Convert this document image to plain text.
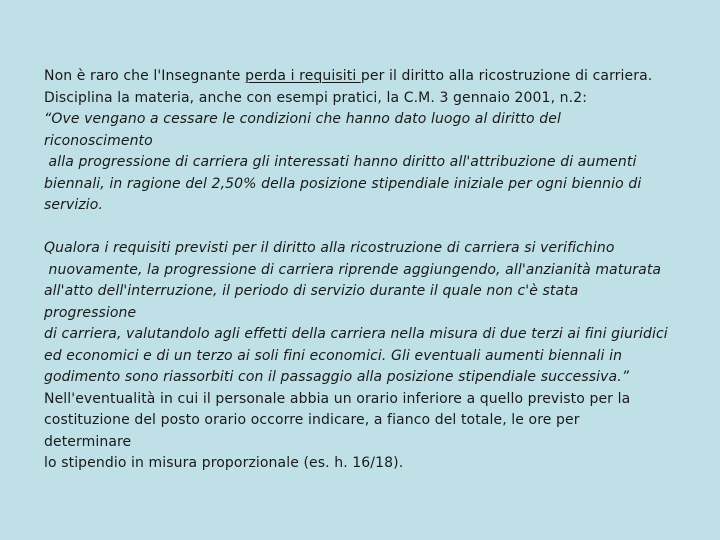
Non è raro che l'Insegnante perda i requisiti per il diritto alla ricostruzione di carriera.
Disciplina la materia, anche con esempi pratici, la C.M. 3 gennaio 2001, n.2:
“Ove vengano a cessare le condizioni che hanno dato luogo al diritto del
riconoscimento
alla progressione di carriera gli interessati hanno diritto all'attribuzione di aumenti
biennali, in ragione del 2,50% della posizione stipendiale iniziale per ogni biennio di
servizio.
Qualora i requisiti previsti per il diritto alla ricostruzione di carriera si verifichino
nuovamente, la progressione di carriera riprende aggiungendo, all'anzianità maturata
all'atto dell'interruzione, il periodo di servizio durante il quale non c'è stata
progressione
di carriera, valutandolo agli effetti della carriera nella misura di due terzi ai fini giuridici
ed economici e di un terzo ai soli fini economici. Gli eventuali aumenti biennali in
godimento sono riassorbiti con il passaggio alla posizione stipendiale successiva.”
Nell'eventualità in cui il personale abbia un orario inferiore a quello previsto per la
costituzione del posto orario occorre indicare, a fianco del totale, le ore per
determinare
lo stipendio in misura proporzionale (es. h. 16/18).
